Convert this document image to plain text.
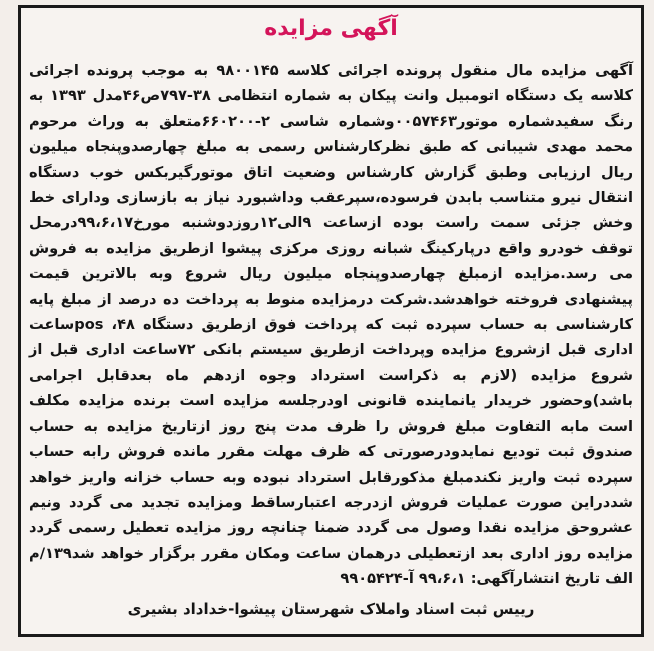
آگهی مزایده

آگهی مزایده مال منقول پرونده اجرائی کلاسه ۹۸۰۰۱۴۵ به موجب پرونده اجرائی کلاسه یک دستگاه اتومبیل وانت پیکان به شماره انتظامی ۳۸-۷۹۷ص۴۶مدل ۱۳۹۳ به رنگ سفیدشماره موتور۰۰۵۷۴۶۳وشماره شاسی ۲-۶۶۰۲۰۰متعلق به وراث مرحوم محمد مهدی شیبانی که طبق نظرکارشناس رسمی به مبلغ چهارصدوپنجاه میلیون ریال ارزیابی وطبق گزارش کارشناس وضعیت اتاق موتورگیربکس خوب دستگاه انتقال نیرو متناسب بابدن فرسوده،سپرعقب وداشبورد نیاز به بازسازی ودارای خط وخش جزئی سمت راست بوده ازساعت ۹الی۱۲روزدوشنبه مورخ۹۹،۶،۱۷درمحل توقف خودرو واقع درپارکینگ شبانه روزی مرکزی پیشوا ازطریق مزایده به فروش می رسد.مزایده ازمبلغ چهارصدوپنجاه میلیون ریال شروع وبه بالاترین قیمت پیشنهادی فروخته خواهدشد.شرکت درمزایده منوط به پرداخت ده درصد از مبلغ پایه کارشناسی به حساب سپرده ثبت که پرداخت فوق ازطریق دستگاه pos ،۴۸ساعت اداری قبل ازشروع مزایده وپرداخت ازطریق سیستم بانکی ۷۲ساعت اداری قبل از شروع مزایده (لازم به ذکراست استرداد وجوه ازدهم ماه بعدقابل اجرامی باشد)وحضور خریدار یانماینده قانونی اودرجلسه مزایده است برنده مزایده مکلف است مابه التفاوت مبلغ فروش را ظرف مدت پنج روز ازتاریخ مزایده به حساب صندوق ثبت تودیع نمایدودرصورتی که ظرف مهلت مقرر مانده فروش رابه حساب سپرده ثبت واریز نکندمبلغ مذکورقابل استرداد نبوده وبه حساب خزانه واریز خواهد شددراین صورت عملیات فروش ازدرجه اعتبارساقط ومزایده تجدید می گردد ونیم عشروحق مزایده نقدا وصول می گردد ضمنا چنانچه روز مزایده تعطیل رسمی گردد مزایده روز اداری بعد ازتعطیلی درهمان ساعت ومکان مقرر برگزار خواهد شد۱۳۹/م الف تاریخ انتشارآگهی: ۹۹،۶،۱ آ-۹۹۰۵۴۲۴

رییس ثبت اسناد واملاک شهرستان پیشوا-خداداد بشیری
